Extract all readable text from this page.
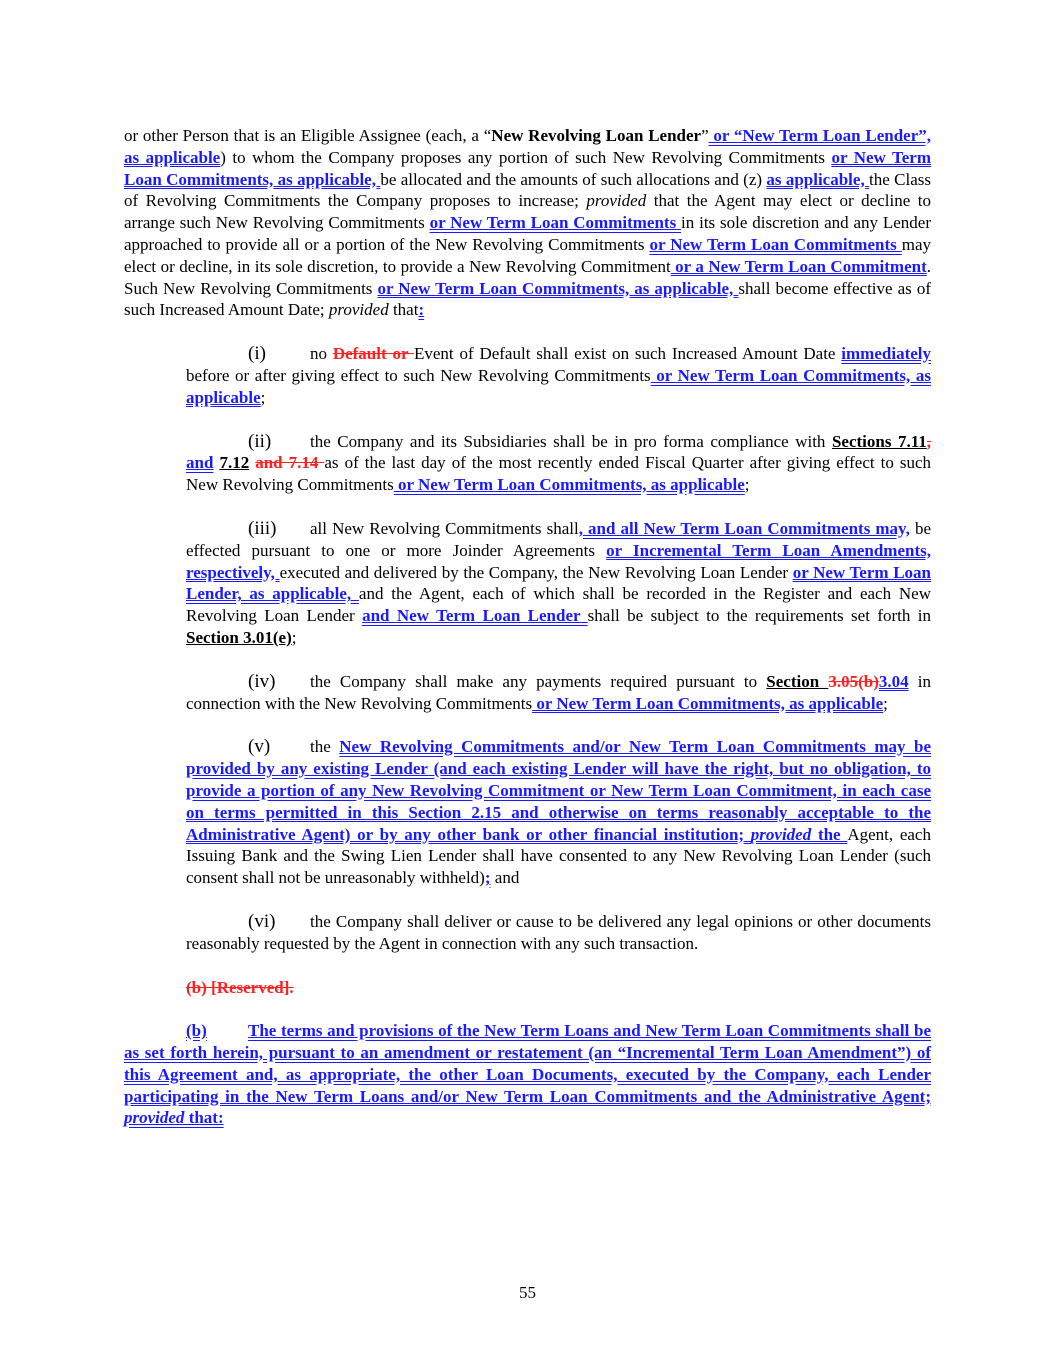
or other Person that is an Eligible Assignee (each, a “New Revolving Loan Lender” or “New Term Loan Lender”, as applicable) to whom the Company proposes any portion of such New Revolving Commitments or New Term Loan Commitments, as applicable, be allocated and the amounts of such allocations and (z) as applicable, the Class of Revolving Commitments the Company proposes to increase; provided that the Agent may elect or decline to arrange such New Revolving Commitments or New Term Loan Commitments in its sole discretion and any Lender approached to provide all or a portion of the New Revolving Commitments or New Term Loan Commitments may elect or decline, in its sole discretion, to provide a New Revolving Commitment or a New Term Loan Commitment. Such New Revolving Commitments or New Term Loan Commitments, as applicable, shall become effective as of such Increased Amount Date; provided that:

(i)	no Default or Event of Default shall exist on such Increased Amount Date immediately before or after giving effect to such New Revolving Commitments or New Term Loan Commitments, as applicable;

(ii) the Company and its Subsidiaries shall be in pro forma compliance with Sections 7.11, and 7.12 and 7.14 as of the last day of the most recently ended Fiscal Quarter after giving effect to such New Revolving Commitments or New Term Loan Commitments, as applicable;

(iii) all New Revolving Commitments shall, and all New Term Loan Commitments may, be effected pursuant to one or more Joinder Agreements or Incremental Term Loan Amendments, respectively, executed and delivered by the Company, the New Revolving Loan Lender or New Term Loan Lender, as applicable, and the Agent, each of which shall be recorded in the Register and each New Revolving Loan Lender and New Term Loan Lender shall be subject to the requirements set forth in Section 3.01(e);

(iv) the Company shall make any payments required pursuant to Section 3.05(b)3.04 in connection with the New Revolving Commitments or New Term Loan Commitments, as applicable;

(v) the New Revolving Commitments and/or New Term Loan Commitments may be provided by any existing Lender (and each existing Lender will have the right, but no obligation, to provide a portion of any New Revolving Commitment or New Term Loan Commitment, in each case on terms permitted in this Section 2.15 and otherwise on terms reasonably acceptable to the Administrative Agent) or by any other bank or other financial institution; provided the Agent, each Issuing Bank and the Swing Lien Lender shall have consented to any New Revolving Loan Lender (such consent shall not be unreasonably withheld); and

(vi) the Company shall deliver or cause to be delivered any legal opinions or other documents reasonably requested by the Agent in connection with any such transaction.

(b) [Reserved].

(b) The terms and provisions of the New Term Loans and New Term Loan Commitments shall be as set forth herein, pursuant to an amendment or restatement (an “Incremental Term Loan Amendment”) of this Agreement and, as appropriate, the other Loan Documents, executed by the Company, each Lender participating in the New Term Loans and/or New Term Loan Commitments and the Administrative Agent; provided that:

55
